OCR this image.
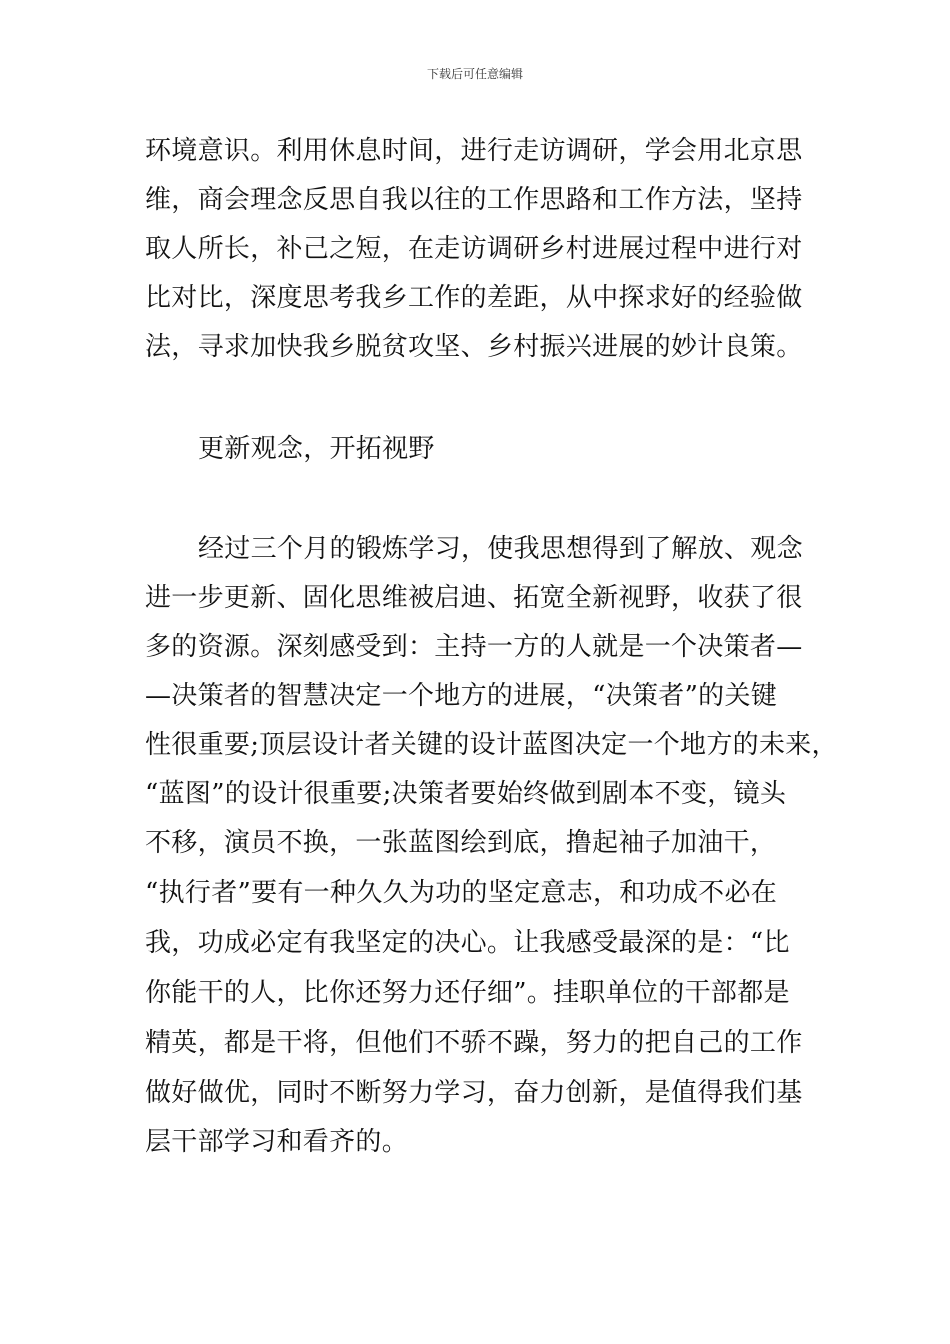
下载后可任意编辑
环境意识。利用休息时间，进行走访调研，学会用北京思
维，商会理念反思自我以往的工作思路和工作方法，坚持
取人所长，补己之短，在走访调研乡村进展过程中进行对
比对比，深度思考我乡工作的差距，从中探求好的经验做
法，寻求加快我乡脱贫攻坚、乡村振兴进展的妙计良策。
更新观念，开拓视野
经过三个月的锻炼学习，使我思想得到了解放、观念
进一步更新、固化思维被启迪、拓宽全新视野，收获了很
多的资源。深刻感受到：主持一方的人就是一个决策者—
—决策者的智慧决定一个地方的进展，“决策者”的关键
性很重要;顶层设计者关键的设计蓝图决定一个地方的未来，
“蓝图”的设计很重要;决策者要始终做到剧本不变，镜头
不移，演员不换，一张蓝图绘到底，撸起袖子加油干，
“执行者”要有一种久久为功的坚定意志，和功成不必在
我，功成必定有我坚定的决心。让我感受最深的是：“比
你能干的人，比你还努力还仔细”。挂职单位的干部都是
精英，都是干将，但他们不骄不躁，努力的把自己的工作
做好做优，同时不断努力学习，奋力创新，是值得我们基
层干部学习和看齐的。
